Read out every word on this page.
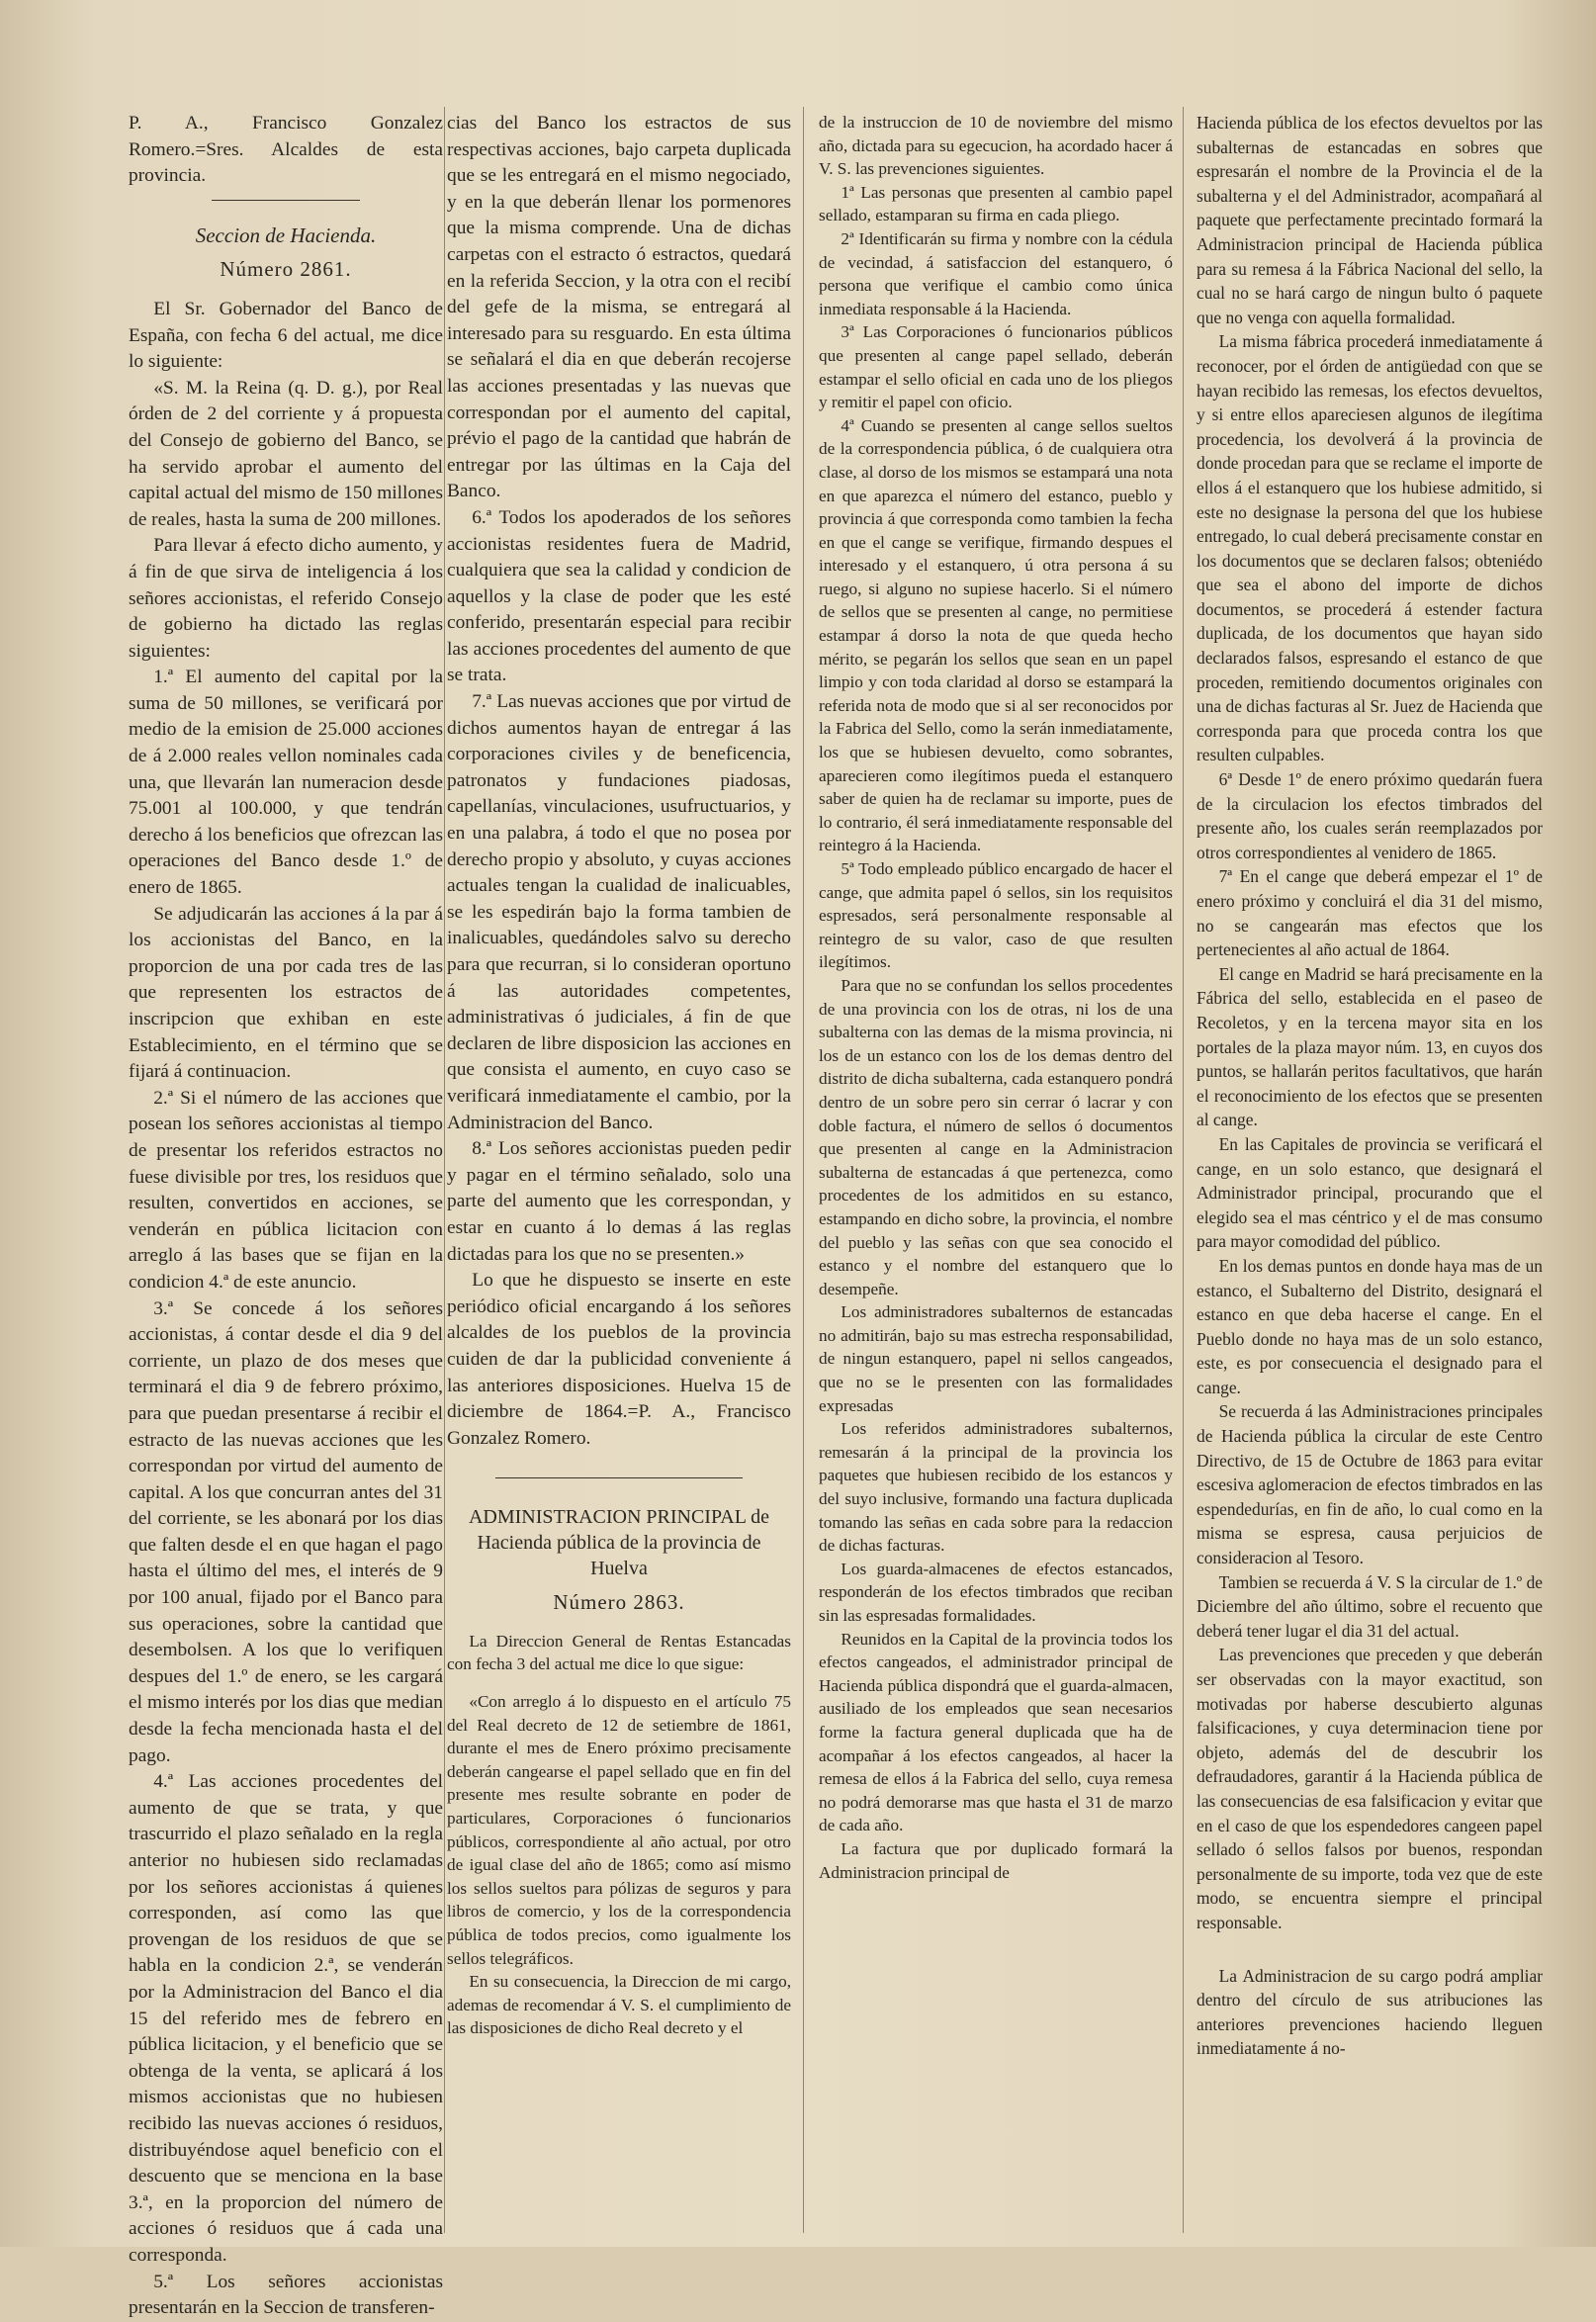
P. A., Francisco Gonzalez Romero.=Sres. Alcaldes de esta provincia.

Seccion de Hacienda.
Número 2861.

El Sr. Gobernador del Banco de España, con fecha 6 del actual, me dice lo siguiente:

«S. M. la Reina (q. D. g.), por Real órden de 2 del corriente y á propuesta del Consejo de gobierno del Banco, se ha servido aprobar el aumento del capital actual del mismo de 150 millones de reales, hasta la suma de 200 millones.

Para llevar á efecto dicho aumento, y á fin de que sirva de inteligencia á los señores accionistas, el referido Consejo de gobierno ha dictado las reglas siguientes:

1.ª El aumento del capital por la suma de 50 millones, se verificará por medio de la emision de 25.000 acciones de á 2.000 reales vellon nominales cada una, que llevarán lan numeracion desde 75.001 al 100.000, y que tendrán derecho á los beneficios que ofrezcan las operaciones del Banco desde 1.º de enero de 1865.

Se adjudicarán las acciones á la par á los accionistas del Banco, en la proporcion de una por cada tres de las que representen los estractos de inscripcion que exhiban en este Establecimiento, en el término que se fijará á continuacion.

2.ª Si el número de las acciones que posean los señores accionistas al tiempo de presentar los referidos estractos no fuese divisible por tres, los residuos que resulten, convertidos en acciones, se venderán en pública licitacion con arreglo á las bases que se fijan en la condicion 4.ª de este anuncio.

3.ª Se concede á los señores accionistas, á contar desde el dia 9 del corriente, un plazo de dos meses que terminará el dia 9 de febrero próximo, para que puedan presentarse á recibir el estracto de las nuevas acciones que les correspondan por virtud del aumento de capital. A los que concurran antes del 31 del corriente, se les abonará por los dias que falten desde el en que hagan el pago hasta el último del mes, el interés de 9 por 100 anual, fijado por el Banco para sus operaciones, sobre la cantidad que desembolsen. A los que lo verifiquen despues del 1.º de enero, se les cargará el mismo interés por los dias que median desde la fecha mencionada hasta el del pago.

4.ª Las acciones procedentes del aumento de que se trata, y que trascurrido el plazo señalado en la regla anterior no hubiesen sido reclamadas por los señores accionistas á quienes corresponden, así como las que provengan de los residuos de que se habla en la condicion 2.ª, se venderán por la Administracion del Banco el dia 15 del referido mes de febrero en pública licitacion, y el beneficio que se obtenga de la venta, se aplicará á los mismos accionistas que no hubiesen recibido las nuevas acciones ó residuos, distribuyéndose aquel beneficio con el descuento que se menciona en la base 3.ª, en la proporcion del número de acciones ó residuos que á cada una corresponda.

5.ª Los señores accionistas presentarán en la Seccion de transferen-

cias del Banco los estractos de sus respectivas acciones, bajo carpeta duplicada que se les entregará en el mismo negociado, y en la que deberán llenar los pormenores que la misma comprende. Una de dichas carpetas con el estracto ó estractos, quedará en la referida Seccion, y la otra con el recibí del gefe de la misma, se entregará al interesado para su resguardo. En esta última se señalará el dia en que deberán recojerse las acciones presentadas y las nuevas que correspondan por el aumento del capital, prévio el pago de la cantidad que habrán de entregar por las últimas en la Caja del Banco.

6.ª Todos los apoderados de los señores accionistas residentes fuera de Madrid, cualquiera que sea la calidad y condicion de aquellos y la clase de poder que les esté conferido, presentarán especial para recibir las acciones procedentes del aumento de que se trata.

7.ª Las nuevas acciones que por virtud de dichos aumentos hayan de entregar á las corporaciones civiles y de beneficencia, patronatos y fundaciones piadosas, capellanías, vinculaciones, usufructuarios, y en una palabra, á todo el que no posea por derecho propio y absoluto, y cuyas acciones actuales tengan la cualidad de inalicuables, se les espedirán bajo la forma tambien de inalicuables, quedándoles salvo su derecho para que recurran, si lo consideran oportuno á las autoridades competentes, administrativas ó judiciales, á fin de que declaren de libre disposicion las acciones en que consista el aumento, en cuyo caso se verificará inmediatamente el cambio, por la Administracion del Banco.

8.ª Los señores accionistas pueden pedir y pagar en el término señalado, solo una parte del aumento que les correspondan, y estar en cuanto á lo demas á las reglas dictadas para los que no se presenten.»

Lo que he dispuesto se inserte en este periódico oficial encargando á los señores alcaldes de los pueblos de la provincia cuiden de dar la publicidad conveniente á las anteriores disposiciones. Huelva 15 de diciembre de 1864.=P. A., Francisco Gonzalez Romero.

ADMINISTRACION PRINCIPAL de Hacienda pública de la provincia de Huelva
Número 2863.

La Direccion General de Rentas Estancadas con fecha 3 del actual me dice lo que sigue:

«Con arreglo á lo dispuesto en el artículo 75 del Real decreto de 12 de setiembre de 1861, durante el mes de Enero próximo precisamente deberán cangearse el papel sellado que en fin del presente mes resulte sobrante en poder de particulares, Corporaciones ó funcionarios públicos, correspondiente al año actual, por otro de igual clase del año de 1865; como así mismo los sellos sueltos para pólizas de seguros y para libros de comercio, y los de la correspondencia pública de todos precios, como igualmente los sellos telegráficos.

En su consecuencia, la Direccion de mi cargo, ademas de recomendar á V. S. el cumplimiento de las disposiciones de dicho Real decreto y el

de la instruccion de 10 de noviembre del mismo año, dictada para su egecucion, ha acordado hacer á V. S. las prevenciones siguientes.

1ª Las personas que presenten al cambio papel sellado, estamparan su firma en cada pliego.

2ª Identificarán su firma y nombre con la cédula de vecindad, á satisfaccion del estanquero, ó persona que verifique el cambio como única inmediata responsable á la Hacienda.

3ª Las Corporaciones ó funcionarios públicos que presenten al cange papel sellado, deberán estampar el sello oficial en cada uno de los pliegos y remitir el papel con oficio.

4ª Cuando se presenten al cange sellos sueltos de la correspondencia pública, ó de cualquiera otra clase, al dorso de los mismos se estampará una nota en que aparezca el número del estanco, pueblo y provincia á que corresponda como tambien la fecha en que el cange se verifique, firmando despues el interesado y el estanquero, ú otra persona á su ruego, si alguno no supiese hacerlo. Si el número de sellos que se presenten al cange, no permitiese estampar á dorso la nota de que queda hecho mérito, se pegarán los sellos que sean en un papel limpio y con toda claridad al dorso se estampará la referida nota de modo que si al ser reconocidos por la Fabrica del Sello, como la serán inmediatamente, los que se hubiesen devuelto, como sobrantes, aparecieren como ilegítimos pueda el estanquero saber de quien ha de reclamar su importe, pues de lo contrario, él será inmediatamente responsable del reintegro á la Hacienda.

5ª Todo empleado público encargado de hacer el cange, que admita papel ó sellos, sin los requisitos espresados, será personalmente responsable al reintegro de su valor, caso de que resulten ilegítimos.

Para que no se confundan los sellos procedentes de una provincia con los de otras, ni los de una subalterna con las demas de la misma provincia, ni los de un estanco con los de los demas dentro del distrito de dicha subalterna, cada estanquero pondrá dentro de un sobre pero sin cerrar ó lacrar y con doble factura, el número de sellos ó documentos que presenten al cange en la Administracion subalterna de estancadas á que pertenezca, como procedentes de los admitidos en su estanco, estampando en dicho sobre, la provincia, el nombre del pueblo y las señas con que sea conocido el estanco y el nombre del estanquero que lo desempeñe.

Los administradores subalternos de estancadas no admitirán, bajo su mas estrecha responsabilidad, de ningun estanquero, papel ni sellos cangeados, que no se le presenten con las formalidades expresadas

Los referidos administradores subalternos, remesarán á la principal de la provincia los paquetes que hubiesen recibido de los estancos y del suyo inclusive, formando una factura duplicada tomando las señas en cada sobre para la redaccion de dichas facturas.

Los guarda-almacenes de efectos estancados, responderán de los efectos timbrados que reciban sin las espresadas formalidades.

Reunidos en la Capital de la provincia todos los efectos cangeados, el administrador principal de Hacienda pública dispondrá que el guarda-almacen, ausiliado de los empleados que sean necesarios forme la factura general duplicada que ha de acompañar á los efectos cangeados, al hacer la remesa de ellos á la Fabrica del sello, cuya remesa no podrá demorarse mas que hasta el 31 de marzo de cada año.

La factura que por duplicado formará la Administracion principal de

Hacienda pública de los efectos devueltos por las subalternas de estancadas en sobres que espresarán el nombre de la Provincia el de la subalterna y el del Administrador, acompañará al paquete que perfectamente precintado formará la Administracion principal de Hacienda pública para su remesa á la Fábrica Nacional del sello, la cual no se hará cargo de ningun bulto ó paquete que no venga con aquella formalidad.

La misma fábrica procederá inmediatamente á reconocer, por el órden de antigüedad con que se hayan recibido las remesas, los efectos devueltos, y si entre ellos apareciesen algunos de ilegítima procedencia, los devolverá á la provincia de donde procedan para que se reclame el importe de ellos á el estanquero que los hubiese admitido, si este no designase la persona del que los hubiese entregado, lo cual deberá precisamente constar en los documentos que se declaren falsos; obteniédo que sea el abono del importe de dichos documentos, se procederá á estender factura duplicada, de los documentos que hayan sido declarados falsos, espresando el estanco de que proceden, remitiendo documentos originales con una de dichas facturas al Sr. Juez de Hacienda que corresponda para que proceda contra los que resulten culpables.

6ª Desde 1º de enero próximo quedarán fuera de la circulacion los efectos timbrados del presente año, los cuales serán reemplazados por otros correspondientes al venidero de 1865.

7ª En el cange que deberá empezar el 1º de enero próximo y concluirá el dia 31 del mismo, no se cangearán mas efectos que los pertenecientes al año actual de 1864.

El cange en Madrid se hará precisamente en la Fábrica del sello, establecida en el paseo de Recoletos, y en la tercena mayor sita en los portales de la plaza mayor núm. 13, en cuyos dos puntos, se hallarán peritos facultativos, que harán el reconocimiento de los efectos que se presenten al cange.

En las Capitales de provincia se verificará el cange, en un solo estanco, que designará el Administrador principal, procurando que el elegido sea el mas céntrico y el de mas consumo para mayor comodidad del público.

En los demas puntos en donde haya mas de un estanco, el Subalterno del Distrito, designará el estanco en que deba hacerse el cange. En el Pueblo donde no haya mas de un solo estanco, este, es por consecuencia el designado para el cange.

Se recuerda á las Administraciones principales de Hacienda pública la circular de este Centro Directivo, de 15 de Octubre de 1863 para evitar escesiva aglomeracion de efectos timbrados en las espendedurías, en fin de año, lo cual como en la misma se espresa, causa perjuicios de consideracion al Tesoro.

Tambien se recuerda á V. S la circular de 1.º de Diciembre del año último, sobre el recuento que deberá tener lugar el dia 31 del actual.

Las prevenciones que preceden y que deberán ser observadas con la mayor exactitud, son motivadas por haberse descubierto algunas falsificaciones, y cuya determinacion tiene por objeto, además del de descubrir los defraudadores, garantir á la Hacienda pública de las consecuencias de esa falsificacion y evitar que en el caso de que los espendedores cangeen papel sellado ó sellos falsos por buenos, respondan personalmente de su importe, toda vez que de este modo, se encuentra siempre el principal responsable.

La Administracion de su cargo podrá ampliar dentro del círculo de sus atribuciones las anteriores prevenciones haciendo lleguen inmediatamente á no-
